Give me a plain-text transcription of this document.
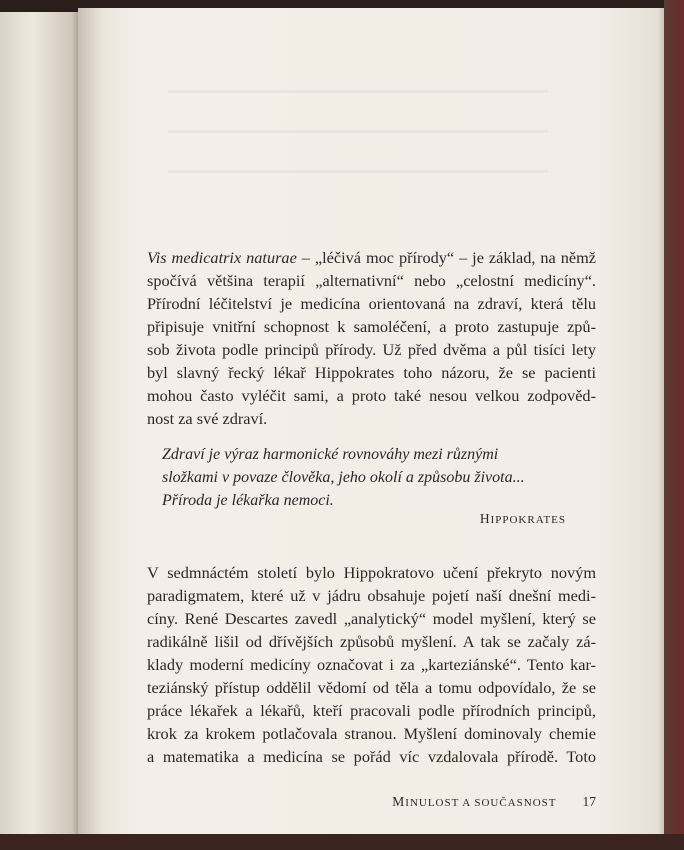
Vis medicatrix naturae – „léčivá moc přírody“ – je základ, na němž
spočívá většina terapií „alternativní“ nebo „celostní medicíny“.
Přírodní léčitelství je medicína orientovaná na zdraví, která tělu
připisuje vnitřní schopnost k samoléčení, a proto zastupuje způ-
sob života podle principů přírody. Už před dvěma a půl tisíci lety
byl slavný řecký lékař Hippokrates toho názoru, že se pacienti
mohou často vyléčit sami, a proto také nesou velkou zodpověd-
nost za své zdraví.
Zdraví je výraz harmonické rovnováhy mezi různými
složkami v povaze člověka, jeho okolí a způsobu života...
Příroda je lékařka nemoci.
HIPPOKRATES
V sedmnáctém století bylo Hippokratovo učení překryto novým
paradigmatem, které už v jádru obsahuje pojetí naší dnešní medi-
cíny. René Descartes zavedl „analytický“ model myšlení, který se
radikálně lišil od dřívějších způsobů myšlení. A tak se začaly zá-
klady moderní medicíny označovat i za „karteziánské“. Tento kar-
teziánský přístup oddělil vědomí od těla a tomu odpovídalo, že se
práce lékařek a lékařů, kteří pracovali podle přírodních principů,
krok za krokem potlačovala stranou. Myšlení dominovaly chemie
a matematika a medicína se pořád víc vzdalovala přírodě. Toto
MINULOST A SOUČASNOST 17
